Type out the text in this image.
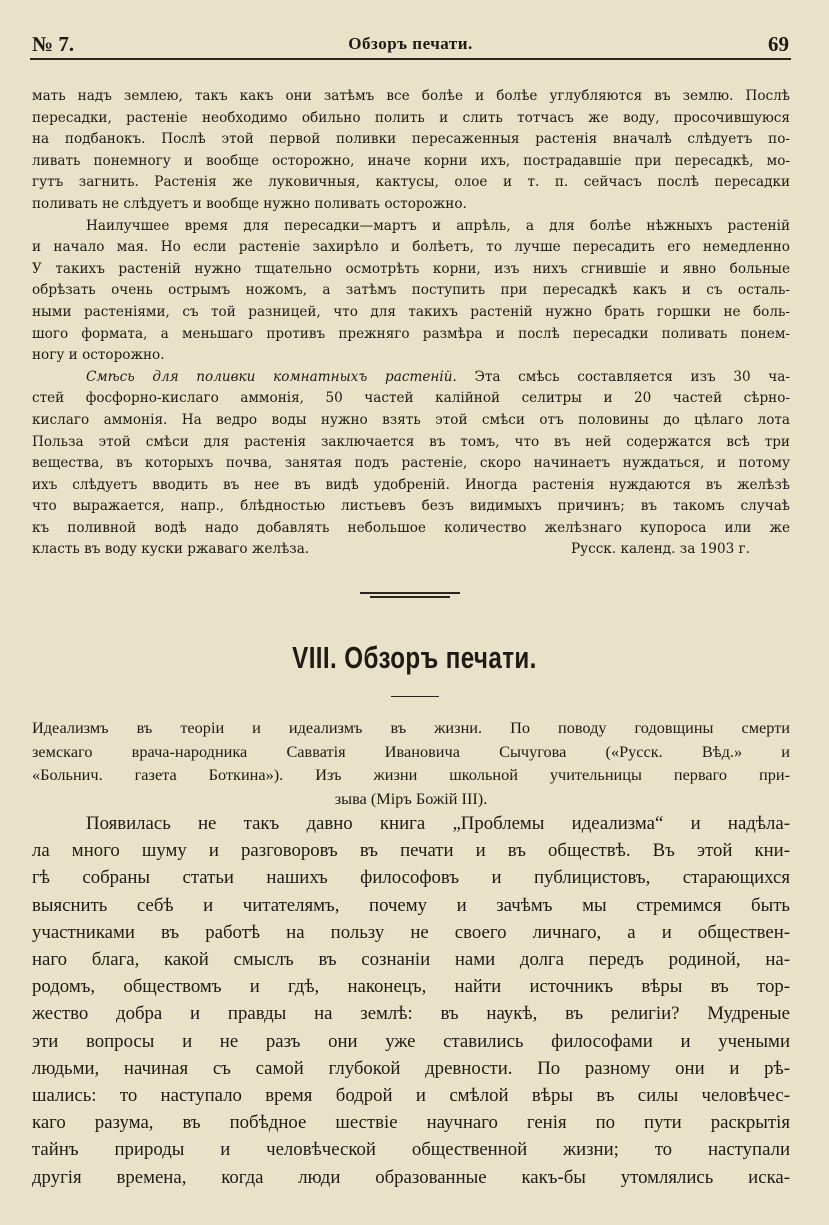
№ 7.	Обзоръ печати.	69

мать надъ землею, такъ какъ они затѣмъ все болѣе и болѣе углубляются въ землю. Послѣ

пересадки, растеніе необходимо обильно полить и слить тотчасъ же воду, просочившуюся

на подбанокъ. Послѣ этой первой поливки пересаженныя растенія вначалѣ слѣдуетъ по-

ливать понемногу и вообще осторожно, иначе корни ихъ, пострадавшіе при пересадкѣ, мо-

гутъ загнить. Растенія же луковичныя, кактусы, олое и т. п. сейчасъ послѣ пересадки

поливать не слѣдуетъ и вообще нужно поливать осторожно.

Наилучшее время для пересадки—мартъ и апрѣль, а для болѣе нѣжныхъ растеній

и начало мая. Но если растеніе захирѣло и болѣетъ, то лучше пересадить его немедленно

У такихъ растеній нужно тщательно осмотрѣть корни, изъ нихъ сгнившіе и явно больные

обрѣзать очень острымъ ножомъ, а затѣмъ поступить при пересадкѣ какъ и съ осталь-

ными растеніями, съ той разницей, что для такихъ растеній нужно брать горшки не боль-

шого формата, а меньшаго противъ прежняго размѣра и послѣ пересадки поливать понем-

ногу и осторожно.

Смѣсь для поливки комнатныхъ растеній. Эта смѣсь составляется изъ 30 ча-

стей фосфорно-кислаго аммонія, 50 частей калійной селитры и 20 частей сѣрно-

кислаго аммонія. На ведро воды нужно взять этой смѣси отъ половины до цѣлаго лота

Польза этой смѣси для растенія заключается въ томъ, что въ ней содержатся всѣ три

вещества, въ которыхъ почва, занятая подъ растеніе, скоро начинаетъ нуждаться, и потому

ихъ слѣдуетъ вводить въ нее въ видѣ удобреній. Иногда растенія нуждаются въ желѣзѣ

что выражается, напр., блѣдностью листьевъ безъ видимыхъ причинъ; въ такомъ случаѣ

къ поливной водѣ надо добавлять небольшое количество желѣзнаго купороса или же

класть въ воду куски ржаваго желѣза.	Русск. календ. за 1903 г.

VIII. Обзоръ печати.
Идеализмъ въ теоріи и идеализмъ въ жизни. По поводу годовщины смерти
земскаго врача-народника Савватія Ивановича Сычугова («Русск. Вѣд.» и
«Больнич. газета Боткина»). Изъ жизни школьной учительницы перваго при-
зыва (Міръ Божій III).
Появилась не такъ давно книга „Проблемы идеализма“ и надѣла-
ла много шуму и разговоровъ въ печати и въ обществѣ. Въ этой кни-
гѣ собраны статьи нашихъ философовъ и публицистовъ, старающихся
выяснить себѣ и читателямъ, почему и зачѣмъ мы стремимся быть
участниками въ работѣ на пользу не своего личнаго, а и обществен-
наго блага, какой смыслъ въ сознаніи нами долга передъ родиной, на-
родомъ, обществомъ и гдѣ, наконецъ, найти источникъ вѣры въ тор-
жество добра и правды на землѣ: въ наукѣ, въ религіи? Мудреные
эти вопросы и не разъ они уже ставились философами и учеными
людьми, начиная съ самой глубокой древности. По разному они и рѣ-
шались: то наступало время бодрой и смѣлой вѣры въ силы человѣчес-
каго разума, въ побѣдное шествіе научнаго генія по пути раскрытія
тайнъ природы и человѣческой общественной жизни; то наступали
другія времена, когда люди образованные какъ-бы утомлялись иска-
